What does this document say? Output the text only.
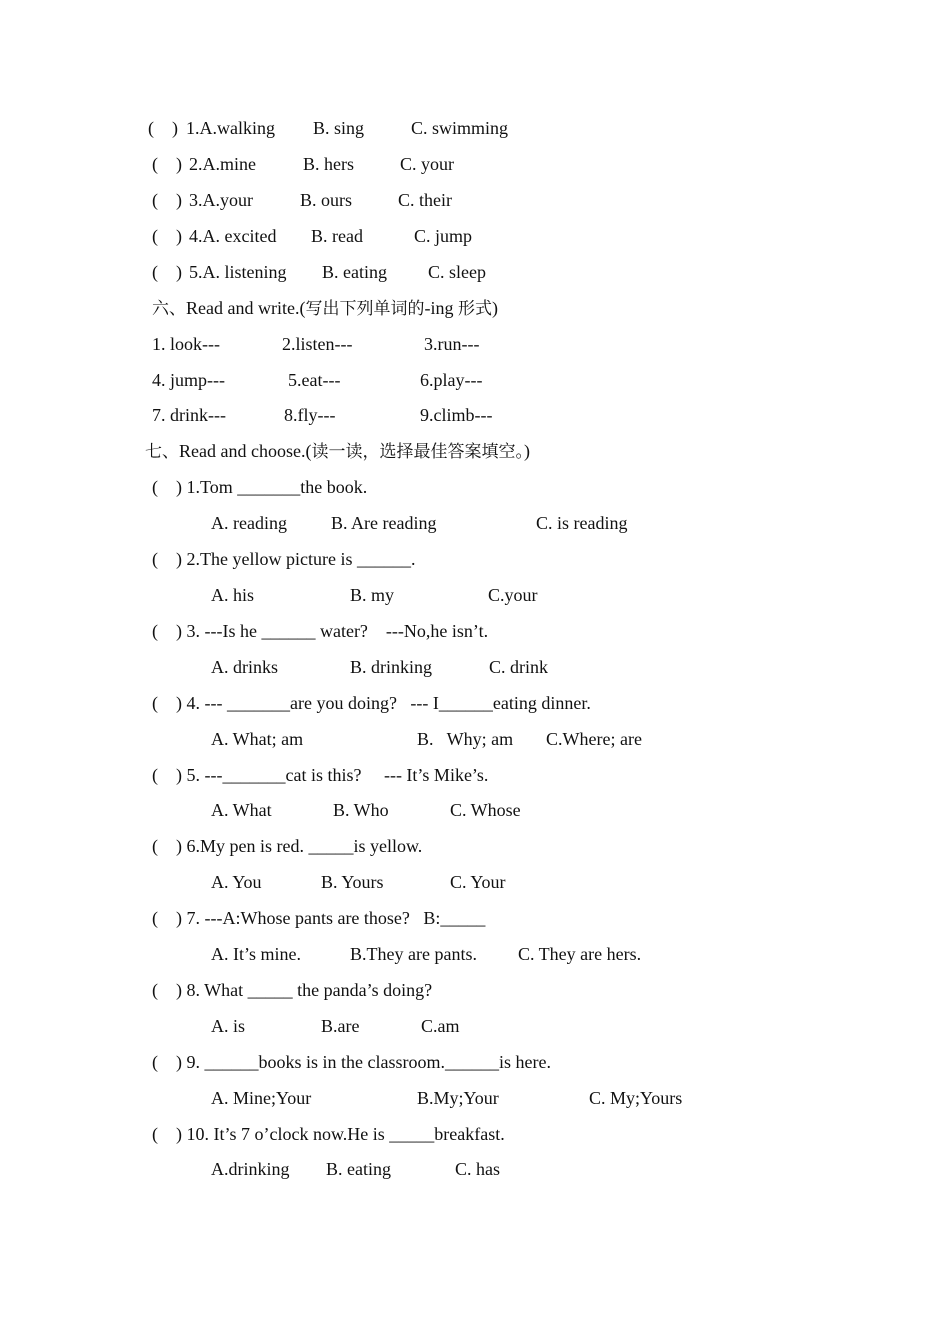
( ) 1.A.walking B. sing	C. swimming
( ) 2.A.mine	B. hers	C. your
( ) 3.A.your	B. ours	C. their
( ) 4.A. excited B. read	C. jump
( ) 5.A. listening B. eating C. sleep
六、Read and write.(写出下列单词的-ing 形式)
1. look---	2.listen---	3.run---
4. jump---	5.eat---	6.play---
7. drink---	8.fly---	9.climb---
七、Read and choose.(读一读，选择最佳答案填空。)
(    ) 1.Tom _______the book.
A. reading B. Are reading	C. is reading
(    ) 2.The yellow picture is ______.
A. his	B. my	C.your
(    ) 3. ---Is he ______ water?    ---No,he isn’t.
A. drinks	B. drinking	C. drink
(    ) 4. --- _______are you doing?   --- I______eating dinner.
A. What; am	B.   Why; am C.Where; are
(    ) 5. ---_______cat is this?     --- It’s Mike’s.
A. What	B. Who	C. Whose
(    ) 6.My pen is red. _____is yellow.
A. You	B. Yours	C. Your
(    ) 7. ---A:Whose pants are those?   B:_____
A. It’s mine.	B.They are pants. C. They are hers.
(    ) 8. What _____ the panda’s doing?
A. is	B.are	C.am
(    ) 9. ______books is in the classroom.______is here.
A. Mine;Your	B.My;Your	C. My;Yours
(    ) 10. It’s 7 o’clock now.He is _____breakfast.
A.drinking B. eating	C. has
